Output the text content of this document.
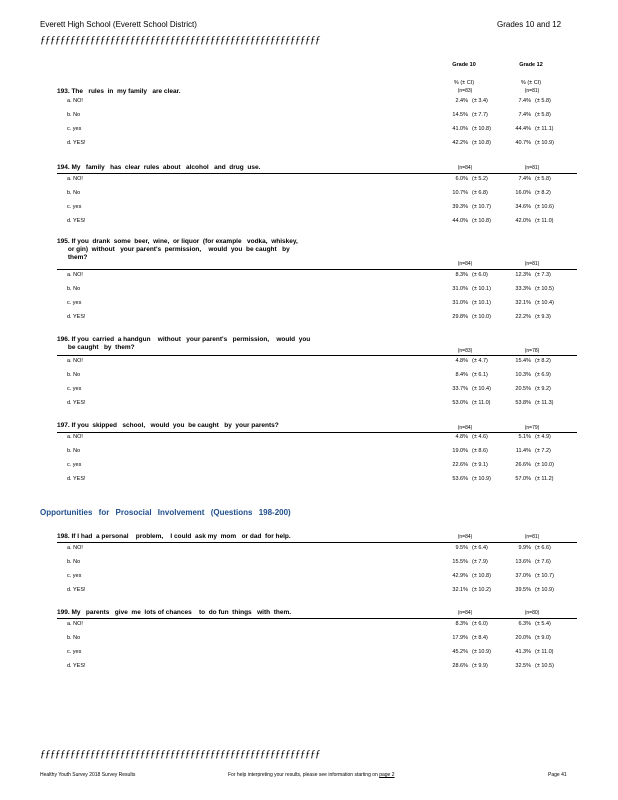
Everett High School (Everett School District)	Grades 10 and 12
ƒƒƒƒƒƒƒƒƒƒƒƒƒƒƒƒƒƒƒƒƒƒƒƒƒƒƒƒƒƒƒƒƒƒƒƒƒƒƒƒƒƒƒƒƒƒƒƒƒƒƒƒƒƒƒƒ
Grade 10	Grade 12
% (± CI)	% (± CI)
193. The   rules  in  my family   are clear.	(n=83)	(n=81)
a. NO!	2.4% (± 3.4)	7.4% (± 5.8)
b. No	14.5% (± 7.7)	7.4% (± 5.8)
c. yes	41.0% (± 10.8)	44.4% (± 11.1)
d. YES!	42.2% (± 10.8)	40.7% (± 10.9)
194. My   family   has  clear  rules  about   alcohol   and  drug  use.	(n=84)	(n=81)
a. NO!	6.0% (± 5.2)	7.4% (± 5.8)
b. No	10.7% (± 6.8)	16.0% (± 8.2)
c. yes	39.3% (± 10.7)	34.6% (± 10.6)
d. YES!	44.0% (± 10.8)	42.0% (± 11.0)
195. If you  drank  some  beer,  wine,  or liquor  (for example   vodka,  whiskey,
or gin)  without   your parent's  permission,    would  you  be caught   by
them?
(n=84)	(n=81)
a. NO!	8.3% (± 6.0)	12.3% (± 7.3)
b. No	31.0% (± 10.1)	33.3% (± 10.5)
c. yes	31.0% (± 10.1)	32.1% (± 10.4)
d. YES!	29.8% (± 10.0)	22.2% (± 9.3)
196. If you  carried  a handgun    without   your parent's   permission,    would  you
be caught   by  them?	(n=83)	(n=78)
a. NO!	4.8% (± 4.7)	15.4% (± 8.2)
b. No	8.4% (± 6.1)	10.3% (± 6.9)
c. yes	33.7% (± 10.4)	20.5% (± 9.2)
d. YES!	53.0% (± 11.0)	53.8% (± 11.3)
197. If you  skipped   school,   would  you  be caught   by  your parents?	(n=84)	(n=79)
a. NO!	4.8% (± 4.6)	5.1% (± 4.9)
b. No	19.0% (± 8.6)	11.4% (± 7.2)
c. yes	22.6% (± 9.1)	26.6% (± 10.0)
d. YES!	53.6% (± 10.9)	57.0% (± 11.2)
Opportunities for Prosocial Involvement (Questions 198-200)
198. If I had  a personal    problem,    I could  ask my  mom   or dad  for help.	(n=84)	(n=81)
a. NO!	9.5% (± 6.4)	9.9% (± 6.6)
b. No	15.5% (± 7.9)	13.6% (± 7.6)
c. yes	42.9% (± 10.8)	37.0% (± 10.7)
d. YES!	32.1% (± 10.2)	39.5% (± 10.9)
199. My   parents   give  me  lots of chances    to  do fun  things   with  them.	(n=84)	(n=80)
a. NO!	8.3% (± 6.0)	6.3% (± 5.4)
b. No	17.9% (± 8.4)	20.0% (± 9.0)
c. yes	45.2% (± 10.9)	41.3% (± 11.0)
d. YES!	28.6% (± 9.9)	32.5% (± 10.5)
ƒƒƒƒƒƒƒƒƒƒƒƒƒƒƒƒƒƒƒƒƒƒƒƒƒƒƒƒƒƒƒƒƒƒƒƒƒƒƒƒƒƒƒƒƒƒƒƒƒƒƒƒƒƒƒƒ
Healthy Youth Survey 2018 Survey Results	For help interpreting your results, please see information starting on page 2	Page 41
